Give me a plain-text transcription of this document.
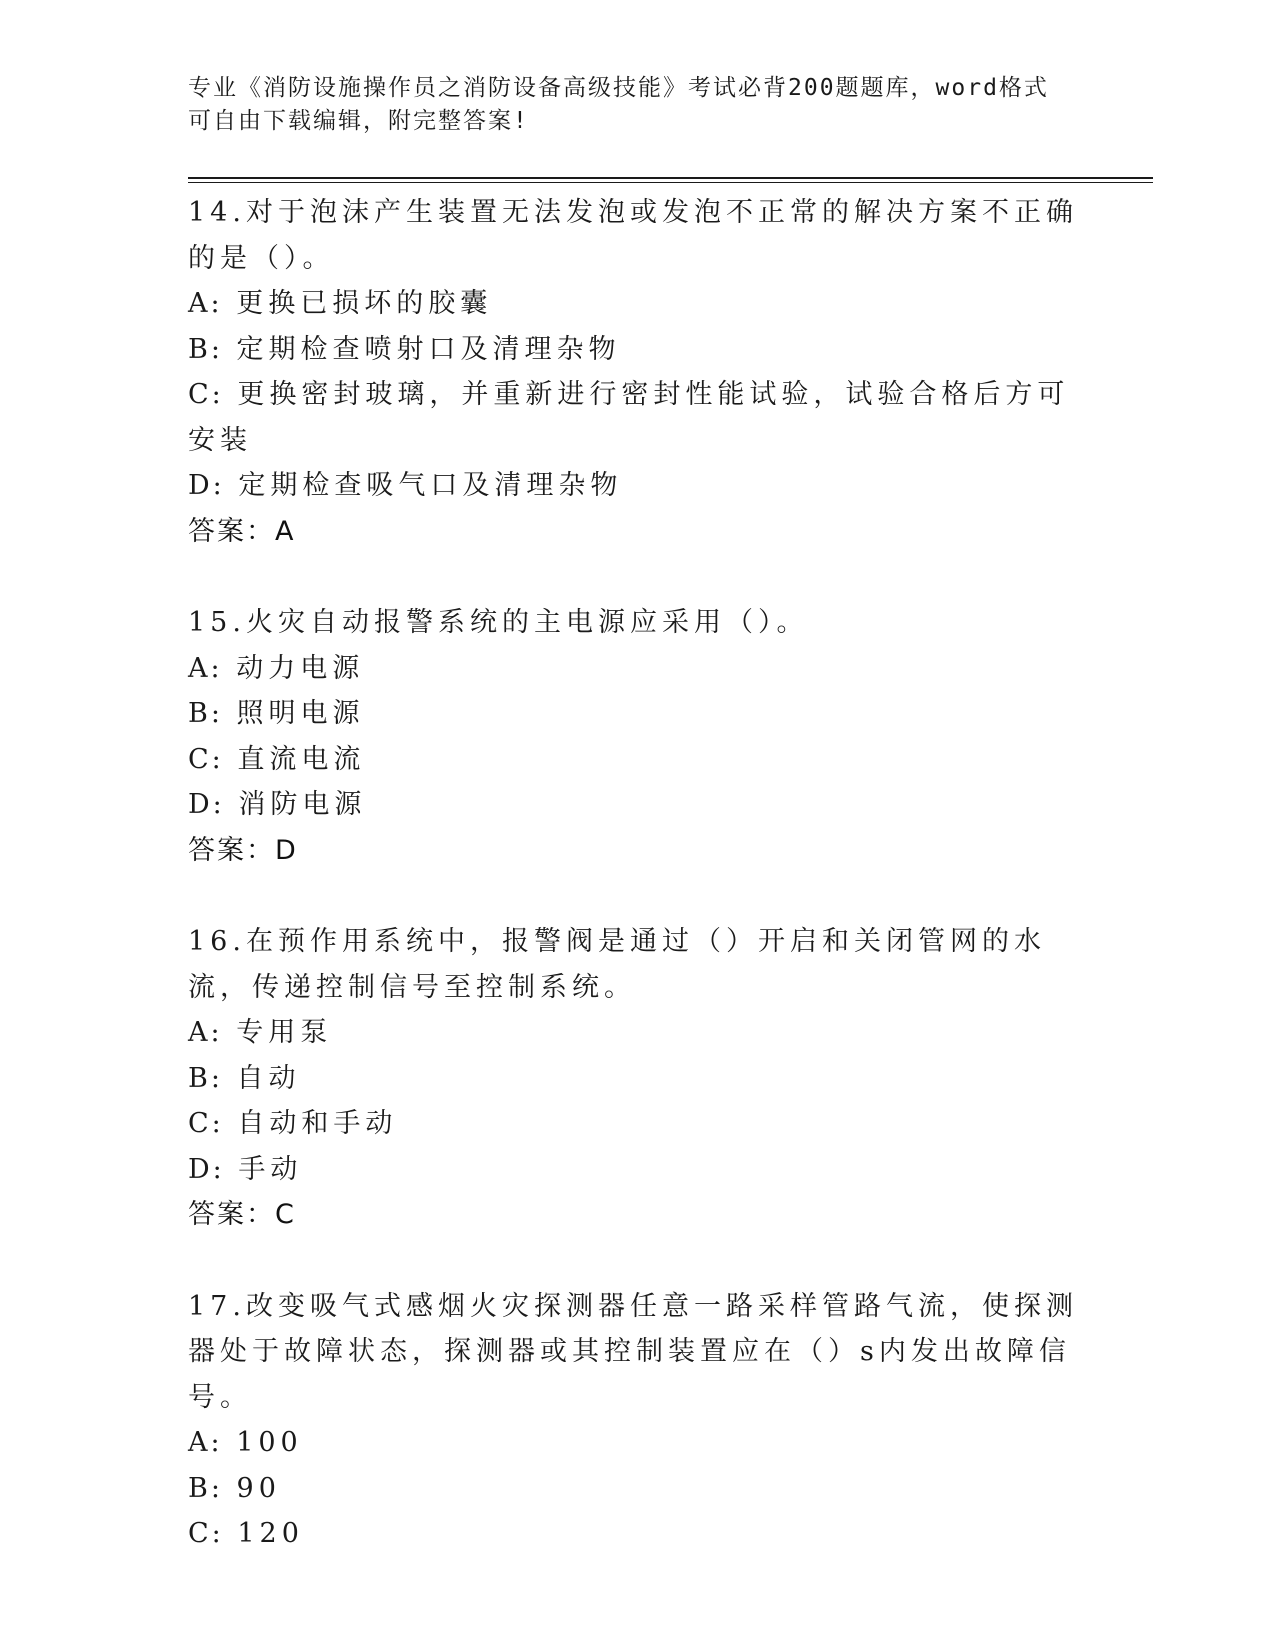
专业《消防设施操作员之消防设备高级技能》考试必背200题题库，word格式可自由下载编辑，附完整答案!
14.对于泡沫产生装置无法发泡或发泡不正常的解决方案不正确的是（）。
A: 更换已损坏的胶囊
B: 定期检查喷射口及清理杂物
C: 更换密封玻璃，并重新进行密封性能试验，试验合格后方可安装
D: 定期检查吸气口及清理杂物
答案：A
15.火灾自动报警系统的主电源应采用（）。
A: 动力电源
B: 照明电源
C: 直流电流
D: 消防电源
答案：D
16.在预作用系统中，报警阀是通过（）开启和关闭管网的水流，传递控制信号至控制系统。
A: 专用泵
B: 自动
C: 自动和手动
D: 手动
答案：C
17.改变吸气式感烟火灾探测器任意一路采样管路气流，使探测器处于故障状态，探测器或其控制装置应在（）s内发出故障信号。
A: 100
B: 90
C: 120
